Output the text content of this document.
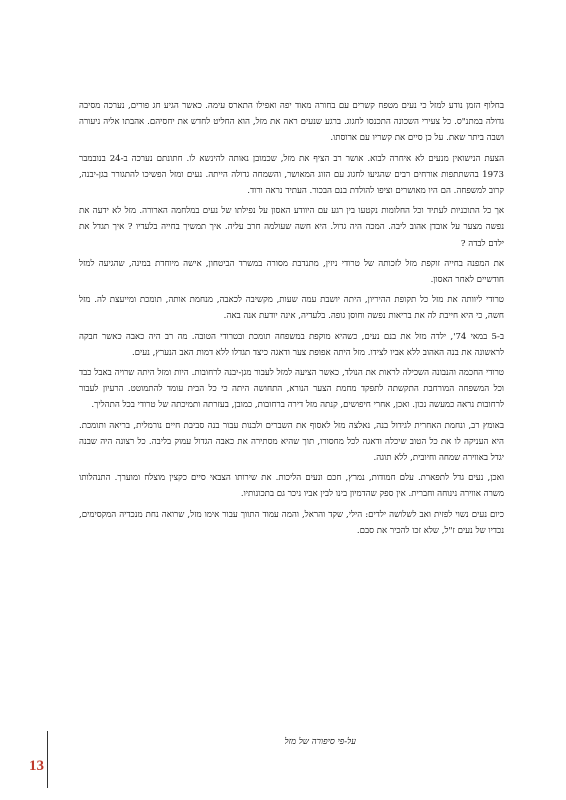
בחלוף הזמן נודע למזל כי נעים מטפח קשרים עם בחורה מאוד יפה ואפילו התארס עימה. כאשר הגיע חג פורים, נערכה מסיבה גדולה במתנ"ס. כל צעירי השכונה התכנסו לחגוג. ברגע שנעים ראה את מזל, הוא החליט לחדש את יחסיהם. אהבתו אליה ניעורה ושבה ביתר שאת. על כן סיים את קשריו עם ארוסתו.

הצעת הנישואין מנעים לא איחרה לבוא. אושר רב הציף את מזל, שכמובן נאותה להינשא לו. חתונתם נערכה ב-24 בנובמבר 1973 בהשתתפות אורחים רבים שהגיעו לחגוג עם הזוג המאושר, והשמחה גדולה הייתה. נעים ומזל הפשיכו להתגורר בגן-יבנה, קרוב למשפחה. הם היו מאושרים וציפו להולדת בנם הבכור. העתיד נראה ורוד.

אך כל התוכניות לעתיד וכל החלומות נקטעו בין רגע עם היוודע האסון על נפילתו של נעים במלחמה הארורה. מזל לא ידעה את נפשה מצער על אובדן אהוב ליבה. המכה היה גדול. היא חשה שעולמה חרב עליה. איך תמשיך בחייה בלעדיו ? איך תגדל את ילדם לבדה ?

את המפנה בחייה זוקפת מזל לזכותה של טרודי ניזין, מתנדבת מסורה במשרד הביטחון, אישה מיוחדת במינה, שהגיעה למזל חודשיים לאחר האסון.

טרודי ליוותה את מזל כל תקופת ההיריון, היתה יושבת עמה שעות, מקשיבה לכאבה, מנחמת אותה, תומכת ומייעצת לה. מזל חשה, כי היא חייבת לה את בריאות נפשה וחוסן גופה. בלעדיה, אינה יודעת אנה באה.

ב-5 במאי 74', ילדה מזל את בנם נעים, כשהיא מוקפת במשפחה תומכת ובטרודי הטובה. מה רב היה כאבה כאשר חבקה לראשונה את בנה האהוב ללא אביו לצידו. מזל היתה אפופת צער ודאגה כיצד תגדלו ללא דמות האב הנערץ, נעים.

טרודי החכמה והנבונה השכילה לראות את הנולד, כאשר הציעה למזל לעבור מגן-יבנה לרחובות. היות ומזל היתה שרויה באבל כבד וכל המשפחה המורחבת התקשתה לתפקד מחמת הצער הנורא, התחושה היתה כי כל הבית עומד להתמוטט. הרעיון לעבור לרחובות נראה כמעשה נכון. ואכן, אחרי חיפושים, קנתה מזל דירה ברחובות, כמובן, בעזרתה ותמיכתה של טרודי בכל התהליך.

באומץ רב, ונחמת האחרית לגידול בנה, נאלצה מזל לאסוף את השברים ולבנות עבור בנה סביבת חיים נורמלית, בריאה ותומכת. היא העניקה לו את כל הטוב שיכלה ודאגה לכל מחסורו, תוך שהיא מסתירה את כאבה הגדול עמוק בליבה. כל רצונה היה שבנה יגדל באווירה שמחה וחיובית, ללא תוגה.

ואכן, נעים גדל לתפארת. עלם חמודות, נמרץ, חכם ונעים הליכות. את שירותו הצבאי סיים כקצין מוצלח ומוערך. התנהלותו משרה אווירה נינוחה וחברית. אין ספק שהדמיון בינו לבין אביו ניכר גם בתכונותיו.

כיום נעים נשוי לפזית ואב לשלושה ילדים: הילי, שקד והראל, והמה עמוד התווך עבור אימו מזל, שרואה נחת מנכדיה המקסימים, נכדיו של נעים ז"ל, שלא זכו להכיר את סבם.

על-פי סיפורה של מזל
13
